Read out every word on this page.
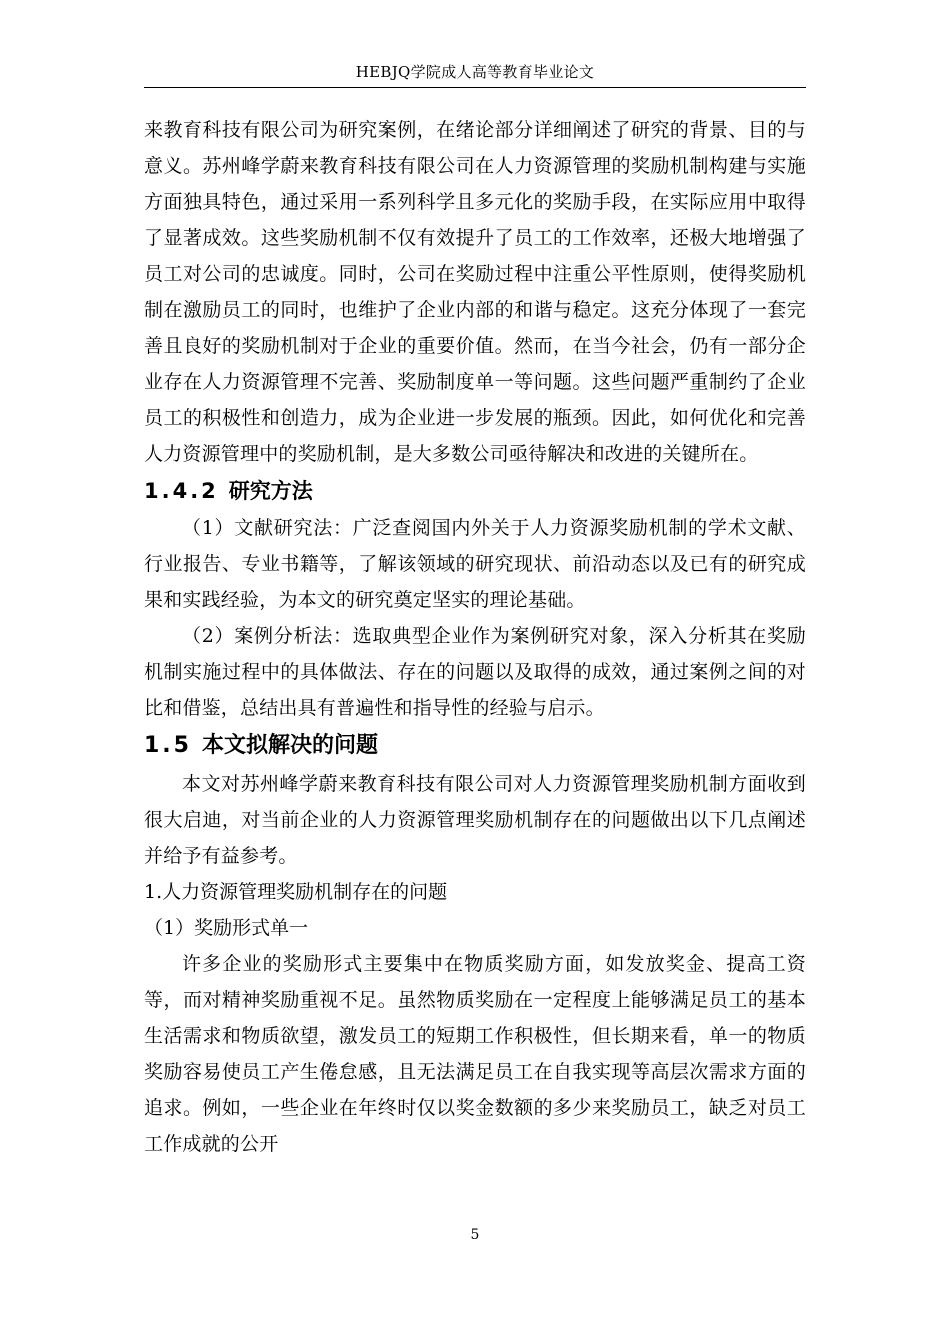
HEBJQ学院成人高等教育毕业论文

来教育科技有限公司为研究案例，在绪论部分详细阐述了研究的背景、目的与意义。苏州峰学蔚来教育科技有限公司在人力资源管理的奖励机制构建与实施方面独具特色，通过采用一系列科学且多元化的奖励手段，在实际应用中取得了显著成效。这些奖励机制不仅有效提升了员工的工作效率，还极大地增强了员工对公司的忠诚度。同时，公司在奖励过程中注重公平性原则，使得奖励机制在激励员工的同时，也维护了企业内部的和谐与稳定。这充分体现了一套完善且良好的奖励机制对于企业的重要价值。然而，在当今社会，仍有一部分企业存在人力资源管理不完善、奖励制度单一等问题。这些问题严重制约了企业员工的积极性和创造力，成为企业进一步发展的瓶颈。因此，如何优化和完善人力资源管理中的奖励机制，是大多数公司亟待解决和改进的关键所在。

1.4.2 研究方法

（1）文献研究法：广泛查阅国内外关于人力资源奖励机制的学术文献、行业报告、专业书籍等，了解该领域的研究现状、前沿动态以及已有的研究成果和实践经验，为本文的研究奠定坚实的理论基础。

（2）案例分析法：选取典型企业作为案例研究对象，深入分析其在奖励机制实施过程中的具体做法、存在的问题以及取得的成效，通过案例之间的对比和借鉴，总结出具有普遍性和指导性的经验与启示。

1.5 本文拟解决的问题

本文对苏州峰学蔚来教育科技有限公司对人力资源管理奖励机制方面收到很大启迪，对当前企业的人力资源管理奖励机制存在的问题做出以下几点阐述并给予有益参考。

1.人力资源管理奖励机制存在的问题

（1）奖励形式单一

许多企业的奖励形式主要集中在物质奖励方面，如发放奖金、提高工资等，而对精神奖励重视不足。虽然物质奖励在一定程度上能够满足员工的基本生活需求和物质欲望，激发员工的短期工作积极性，但长期来看，单一的物质奖励容易使员工产生倦怠感，且无法满足员工在自我实现等高层次需求方面的追求。例如，一些企业在年终时仅以奖金数额的多少来奖励员工，缺乏对员工工作成就的公开

5
